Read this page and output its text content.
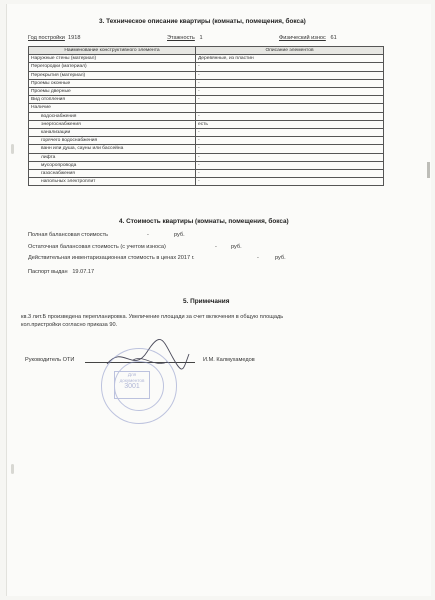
3. Техническое описание квартиры (комнаты, помещения, бокса)
Год постройки 1918	Этажность 1	Физический износ 61
Наименование конструктивного элемента	Описание элементов
Наружные стены (материал)	Деревянные, из пластин
Перегородки (материал)	-
Перекрытия (материал)	-
Проемы оконные	-
Проемы дверные	-
Вид отопления	-
Наличие	
водоснабжения	-
энергоснабжения	есть
канализации	-
горячего водоснабжения	-
ванн или душа, сауны или бассейна	-
лифта	-
мусоропровода	-
газоснабжения	-
напольных электроплит	-
4. Стоимость квартиры (комнаты, помещения, бокса)
Полная балансовая стоимость	-	руб.
Остаточная балансовая стоимость (с учетом износа)	-	руб.
Действительная инвентаризационная стоимость в ценах 2017 г.	-	руб.
Паспорт выдан 19.07.17
5. Примечания
кв.3 лит.Б произведена перепланировка. Увеличение площади за счет включения в общую площадь
кол.пристройки согласно приказа 90.
Руководитель ОТИ	И.М. Калмухамедов
Для
документов
3001
